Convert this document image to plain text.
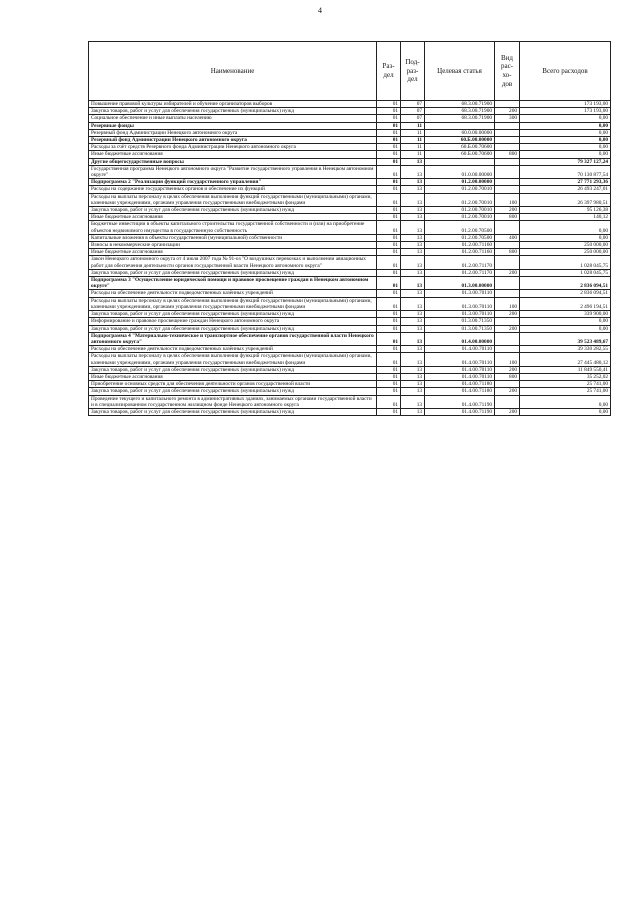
4
Наименование	Раз- дел	Под- раз- дел	Целевая статья	Вид рас- хо- дов	Всего расходов
Повышение правовой культуры избирателей и обучение организаторов выборов	01	07	68.3.00.71900		173 193,00
Закупка товаров, работ и услуг для обеспечения государственных (муниципальных) нужд	01	07	68.3.00.71900	200	173 193,00
Социальное обеспечение и иные выплаты населению	01	07	68.3.00.71900	300	0,00
Резервные фонды	01	11			0,00
Резервный фонд Администрации Ненецкого автономного округа	01	11	60.0.00.00000		0,00
Резервный фонд Администрации Ненецкого автономного округа	01	11	60.Б.00.00000		0,00
Расходы за счёт средств Резервного фонда Администрации Ненецкого автономного округа	01	11	60.Б.00.70600		0,00
Иные бюджетные ассигнования	01	11	60.Б.00.70600	800	0,00
Другие общегосударственные вопросы	01	13			79 327 127,24
Государственная программа Ненецкого автономного округа "Развитие государственного управления в Ненецком автономном округе"	01	13	01.0.00.00000		70 130 877,54
Подпрограмма 2 "Реализация функций государственного управления"	01	13	01.2.00.00000		27 771 293,36
Расходы на содержание государственных органов и обеспечение их функций	01	13	01.2.00.70010		26 493 247,01
Расходы на выплаты персоналу в целях обеспечения выполнения функций государственными (муниципальными) органами, казенными учреждениями, органами управления государственными внебюджетными фондами	01	13	01.2.00.70010	100	26 397 980,51
Закупка товаров, работ и услуг для обеспечения государственных (муниципальных) нужд	01	13	01.2.00.70010	200	95 126,38
Иные бюджетные ассигнования	01	13	01.2.00.70010	800	140,12
Бюджетные инвестиции в объекты капитального строительства государственной собственности и (или) на приобретение объектов недвижимого имущества в государственную собственность	01	13	01.2.00.70500		0,00
Капитальные вложения в объекты государственной (муниципальной) собственности	01	13	01.2.00.70500	400	0,00
Взносы в некоммерческие организации	01	13	01.2.00.71160		250 000,00
Иные бюджетные ассигнования	01	13	01.2.00.71160	800	250 000,00
Закон Ненецкого автономного округа от 4 июля 2007 года № 91-оз "О воздушных перевозках и выполнении авиационных работ для обеспечения деятельности органов государственной власти Ненецкого автономного округа"	01	13	01.2.00.71170		1 028 045,75
Закупка товаров, работ и услуг для обеспечения государственных (муниципальных) нужд	01	13	01.2.00.71170	200	1 028 045,75
Подпрограмма 3 "Осуществление юридической помощи и правовое просвещение граждан в Ненецком автономном округе"	01	13	01.3.00.00000		2 836 094,51
Расходы на обеспечение деятельности подведомственных казённых учреждений	01	13	01.3.00.70110		2 836 094,51
Расходы на выплаты персоналу в целях обеспечения выполнения функций государственными (муниципальными) органами, казенными учреждениями, органами управления государственными внебюджетными фондами	01	13	01.3.00.70110	100	2 496 194,51
Закупка товаров, работ и услуг для обеспечения государственных (муниципальных) нужд	01	13	01.3.00.70110	200	339 900,00
Информирование и правовое просвещение граждан Ненецкого автономного округа	01	13	01.3.00.71350		0,00
Закупка товаров, работ и услуг для обеспечения государственных (муниципальных) нужд	01	13	01.3.00.71350	200	0,00
Подпрограмма 4 "Материально-техническое и транспортное обеспечение органов государственной власти Ненецкого автономного округа"	01	13	01.4.00.00000		39 523 489,67
Расходы на обеспечение деятельности подведомственных казённых учреждений	01	13	01.4.00.70110		39 330 282,55
Расходы на выплаты персоналу в целях обеспечения выполнения функций государственными (муниципальными) органами, казенными учреждениями, органами управления государственными внебюджетными фондами	01	13	01.4.00.70110	100	27 445 480,12
Закупка товаров, работ и услуг для обеспечения государственных (муниципальных) нужд	01	13	01.4.00.70110	200	11 849 550,41
Иные бюджетные ассигнования	01	13	01.4.00.70110	800	35 252,02
Приобретение основных средств для обеспечения деятельности органов государственной власти	01	13	01.4.00.71180		25 741,00
Закупка товаров, работ и услуг для обеспечения государственных (муниципальных) нужд	01	13	01.4.00.71180	200	25 741,00
Проведение текущего и капитального ремонта в административных зданиях, занимаемых органами государственной власти и в специализированном государственном жилищном фонде Ненецкого автономного округа	01	13	01.4.00.71190		0,00
Закупка товаров, работ и услуг для обеспечения государственных (муниципальных) нужд	01	13	01.4.00.71190	200	0,00
